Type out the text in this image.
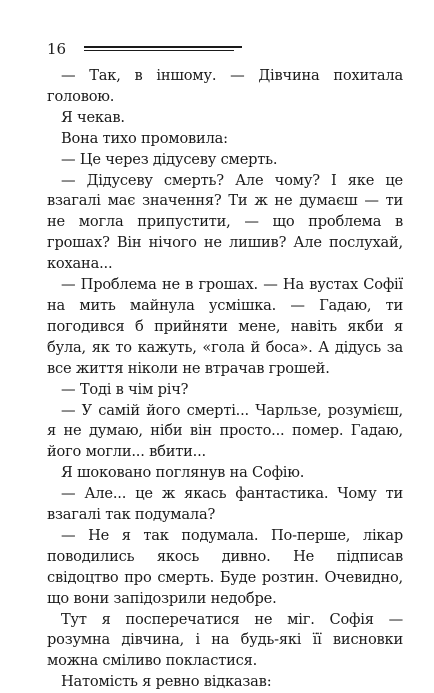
16

— Так, в іншому. — Дівчина похитала головою.

Я чекав.

Вона тихо промовила:

— Це через дідусеву смерть.

— Дідусеву смерть? Але чому? І яке це взагалі має значення? Ти ж не думаєш — ти не могла припустити, — що проблема в грошах? Він нічого не лишив? Але послухай, кохана...

— Проблема не в грошах. — На вустах Софії на мить майнула усмішка. — Гадаю, ти погодився б прийняти мене, навіть якби я була, як то кажуть, «гола й боса». А дідусь за все життя ніколи не втрачав грошей.

— Тоді в чім річ?

— У самій його смерті... Чарльзе, розумієш, я не думаю, ніби він просто... помер. Гадаю, його могли... вбити...

Я шоковано поглянув на Софію.

— Але... це ж якась фантастика. Чому ти взагалі так подумала?

— Не я так подумала. По-перше, лікар поводились якось дивно. Не підписав свідоцтво про смерть. Буде розтин. Очевидно, що вони запідозрили недобре.

Тут я посперечатися не міг. Софія — розумна дівчина, і на будь-які її висновки можна сміливо покластися.

Натомість я ревно відказав:
